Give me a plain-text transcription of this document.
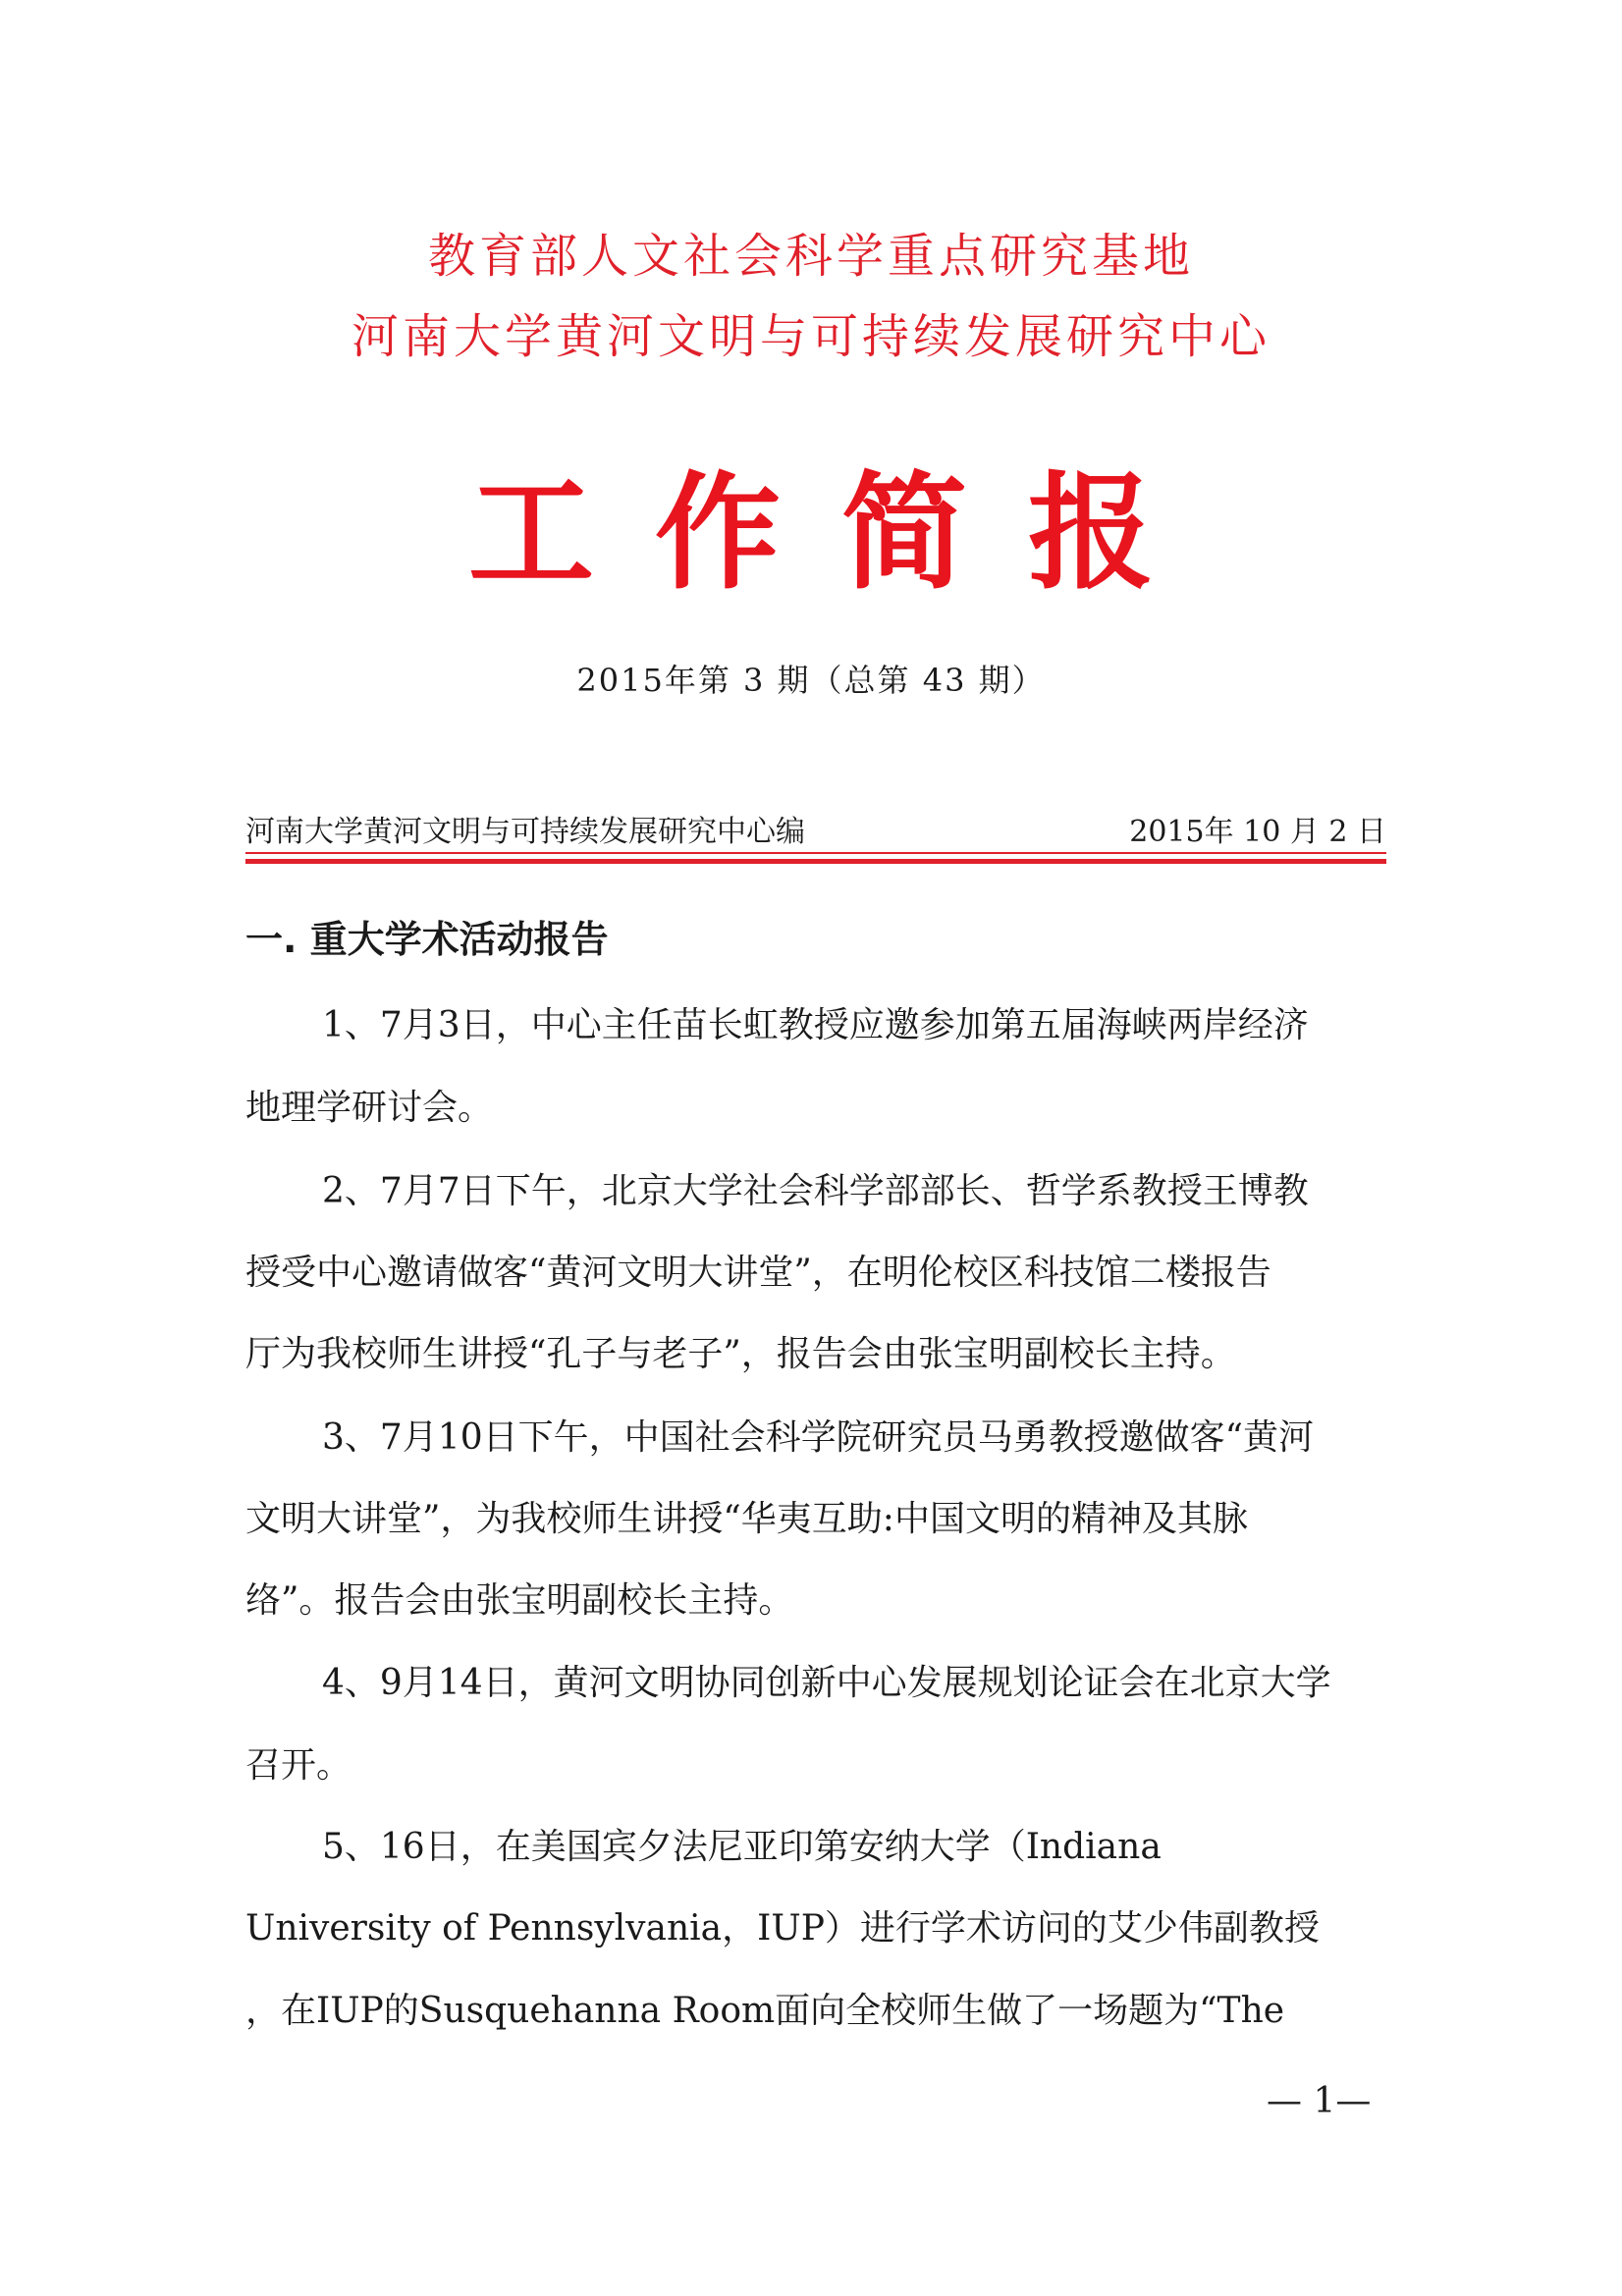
教育部人文社会科学重点研究基地
河南大学黄河文明与可持续发展研究中心
工作简报
2015年第 3 期（总第 43 期）
河南大学黄河文明与可持续发展研究中心编	2015年 10 月 2 日
一. 重大学术活动报告
1、7月3日，中心主任苗长虹教授应邀参加第五届海峡两岸经济
地理学研讨会。
2、7月7日下午，北京大学社会科学部部长、哲学系教授王博教
授受中心邀请做客“黄河文明大讲堂”，在明伦校区科技馆二楼报告
厅为我校师生讲授“孔子与老子”，报告会由张宝明副校长主持。
3、7月10日下午，中国社会科学院研究员马勇教授邀做客“黄河
文明大讲堂”，为我校师生讲授“华夷互助:中国文明的精神及其脉
络”。报告会由张宝明副校长主持。
4、9月14日，黄河文明协同创新中心发展规划论证会在北京大学
召开。
5、16日，在美国宾夕法尼亚印第安纳大学（Indiana
University of Pennsylvania，IUP）进行学术访问的艾少伟副教授
，在IUP的Susquehanna Room面向全校师生做了一场题为“The
— 1—
